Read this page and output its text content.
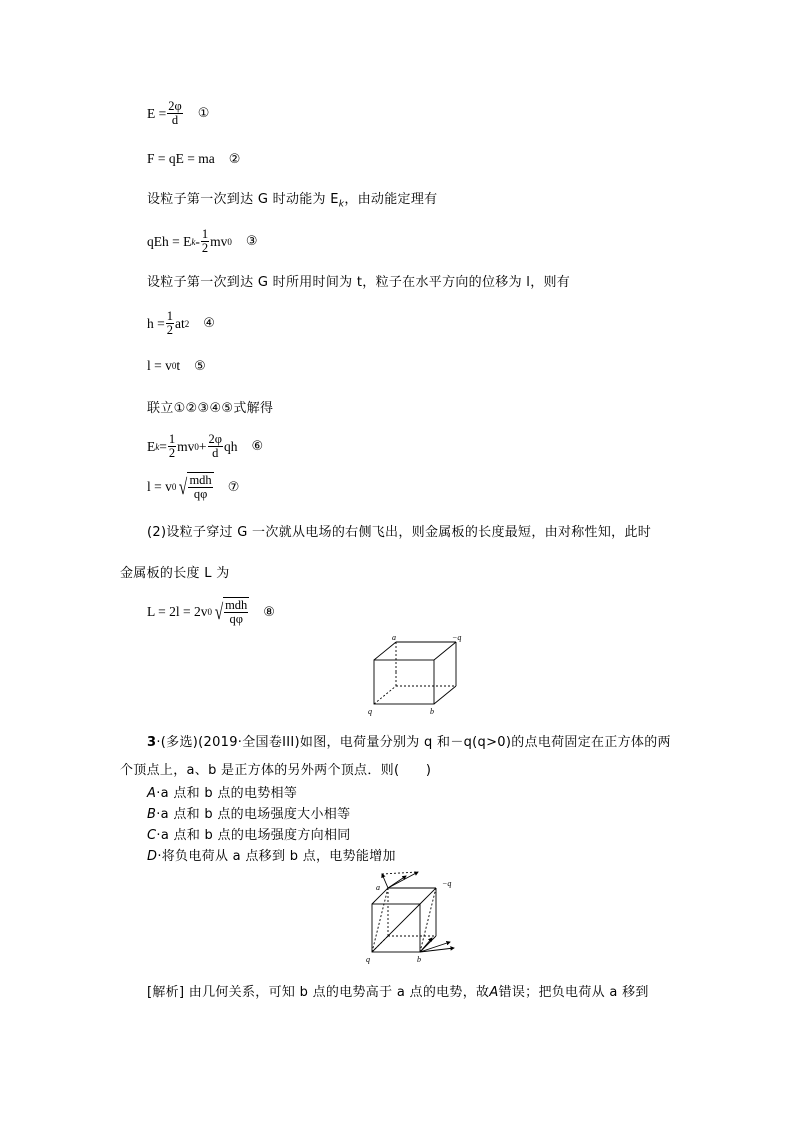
$E = \frac{2\varphi}{d}$ ①
F = qE = ma ②
设粒子第一次到达 G 时动能为 $E_k$，由动能定理有
qEh = E k - $\frac{1}{2}$ mv 0 ③
设粒子第一次到达 G 时所用时间为 t，粒子在水平方向的位移为 l，则有
$h = \frac{1}{2}$ at 2 ④
l = v 0 t ⑤
联立①②③④⑤式解得
E $k = \frac{1}{2}$ mv $0 + \frac{2\varphi}{d}$ qh ⑥
l = v 0 √ $\frac{\text{mdh}}{q\varphi}$ ⑦
(2)设粒子穿过 G 一次就从电场的右侧飞出，则金属板的长度最短，由对称性知，此时
金属板的长度 L 为
L = 2l = 2v 0 √ $\frac{\text{mdh}}{q\varphi}$ ⑧
a	−q
q	b
3·(多选)(2019·全国卷III)如图，电荷量分别为 q 和－q(q>0)的点电荷固定在正方体的两
个顶点上，a、b 是正方体的另外两个顶点．则(　　)
A·a 点和 b 点的电势相等
B·a 点和 b 点的电场强度大小相等
C·a 点和 b 点的电场强度方向相同
D·将负电荷从 a 点移到 b 点，电势能增加
−q
q	b
a
[解析] 由几何关系，可知 b 点的电势高于 a 点的电势，故A错误；把负电荷从 a 移到
